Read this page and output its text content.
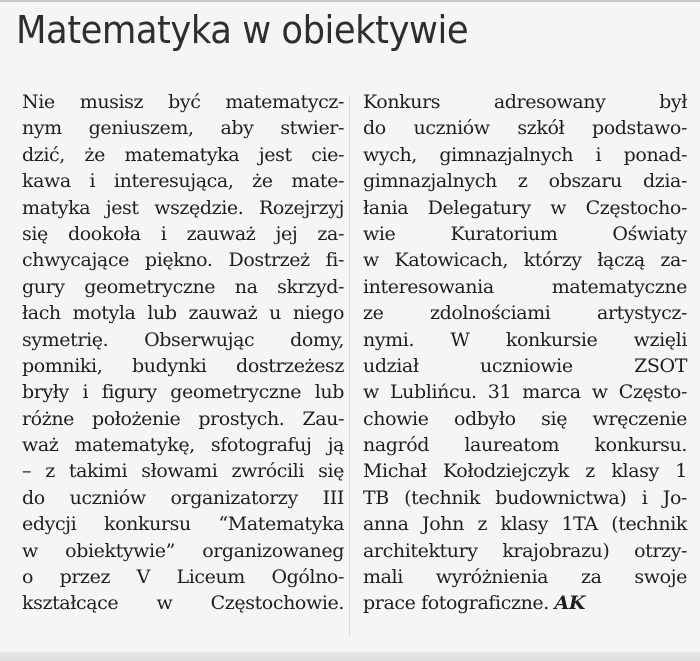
Matematyka w obiektywie
Nie musisz być matematycz-
nym geniuszem, aby stwier-
dzić, że matematyka jest cie-
kawa i interesująca, że mate-
matyka jest wszędzie. Rozejrzyj
się dookoła i zauważ jej za-
chwycające piękno. Dostrzeż fi-
gury geometryczne na skrzyd-
łach motyla lub zauważ u niego
symetrię. Obserwując domy,
pomniki, budynki dostrzeżesz
bryły i figury geometryczne lub
różne położenie prostych. Zau-
waż matematykę, sfotografuj ją
– z takimi słowami zwrócili się
do uczniów organizatorzy III
edycji konkursu “Matematyka
w obiektywie” organizowaneg
o przez V Liceum Ogólno-
kształcące w Częstochowie.
Konkurs adresowany był
do uczniów szkół podstawo-
wych, gimnazjalnych i ponad-
gimnazjalnych z obszaru dzia-
łania Delegatury w Częstocho-
wie Kuratorium Oświaty
w Katowicach, którzy łączą za-
interesowania matematyczne
ze zdolnościami artystycz-
nymi. W konkursie wzięli
udział uczniowie ZSOT
w Lublińcu. 31 marca w Często-
chowie odbyło się wręczenie
nagród laureatom konkursu.
Michał Kołodziejczyk z klasy 1
TB (technik budownictwa) i Jo-
anna John z klasy 1TA (technik
architektury krajobrazu) otrzy-
mali wyróżnienia za swoje
prace fotograficzne. AK
